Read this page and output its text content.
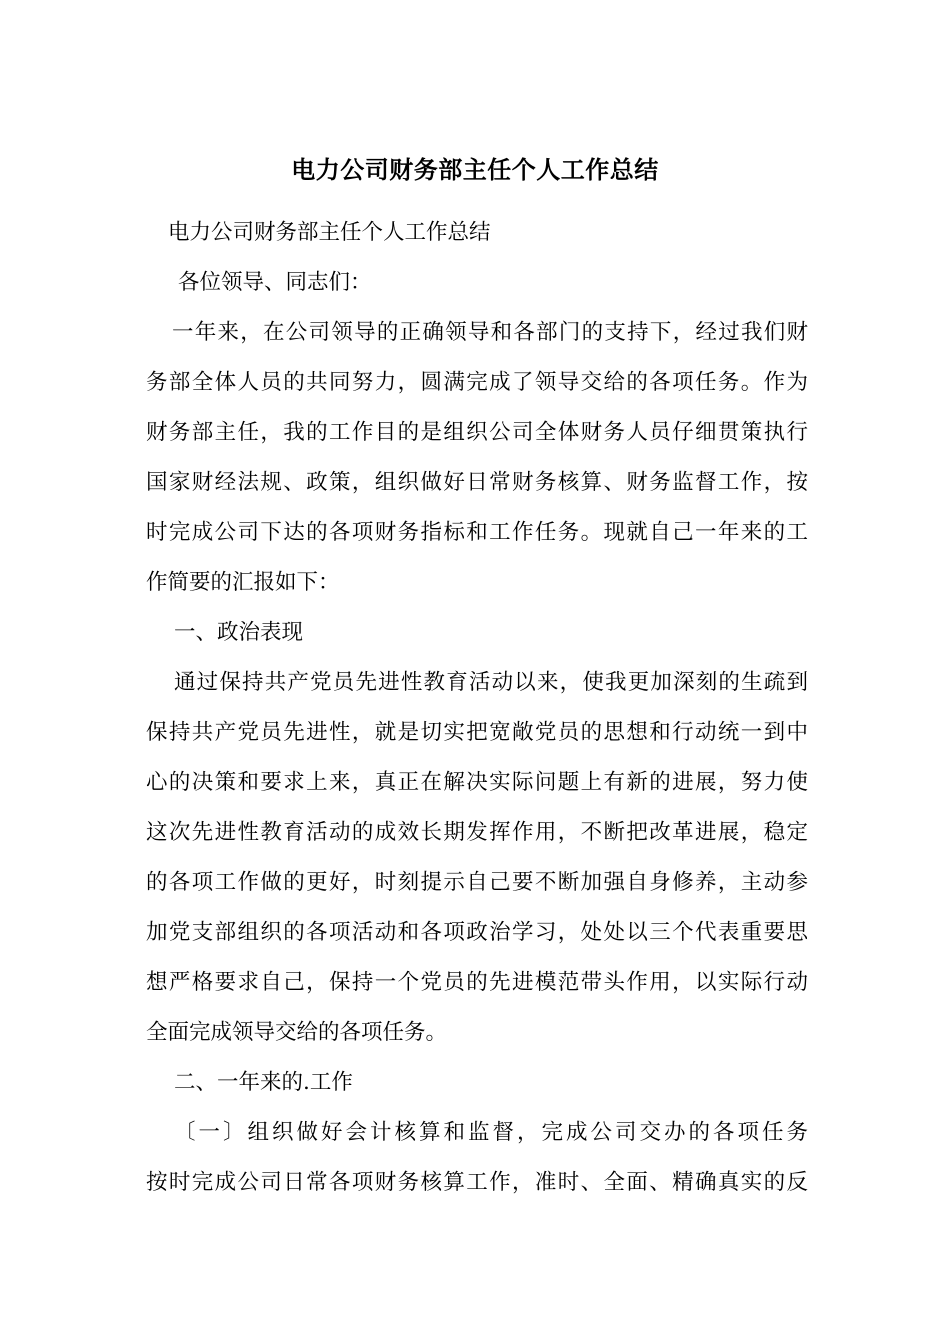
电力公司财务部主任个人工作总结
电力公司财务部主任个人工作总结
各位领导、同志们：
一年来，在公司领导的正确领导和各部门的支持下，经过我们财
务部全体人员的共同努力，圆满完成了领导交给的各项任务。作为
财务部主任，我的工作目的是组织公司全体财务人员仔细贯策执行
国家财经法规、政策，组织做好日常财务核算、财务监督工作，按
时完成公司下达的各项财务指标和工作任务。现就自己一年来的工
作简要的汇报如下：
一、政治表现
通过保持共产党员先进性教育活动以来，使我更加深刻的生疏到
保持共产党员先进性，就是切实把宽敞党员的思想和行动统一到中
心的决策和要求上来，真正在解决实际问题上有新的进展，努力使
这次先进性教育活动的成效长期发挥作用，不断把改革进展，稳定
的各项工作做的更好，时刻提示自己要不断加强自身修养，主动参
加党支部组织的各项活动和各项政治学习，处处以三个代表重要思
想严格要求自己，保持一个党员的先进模范带头作用，以实际行动
全面完成领导交给的各项任务。
二、一年来的.工作
〔一〕组织做好会计核算和监督，完成公司交办的各项任务
按时完成公司日常各项财务核算工作，准时、全面、精确真实的反
